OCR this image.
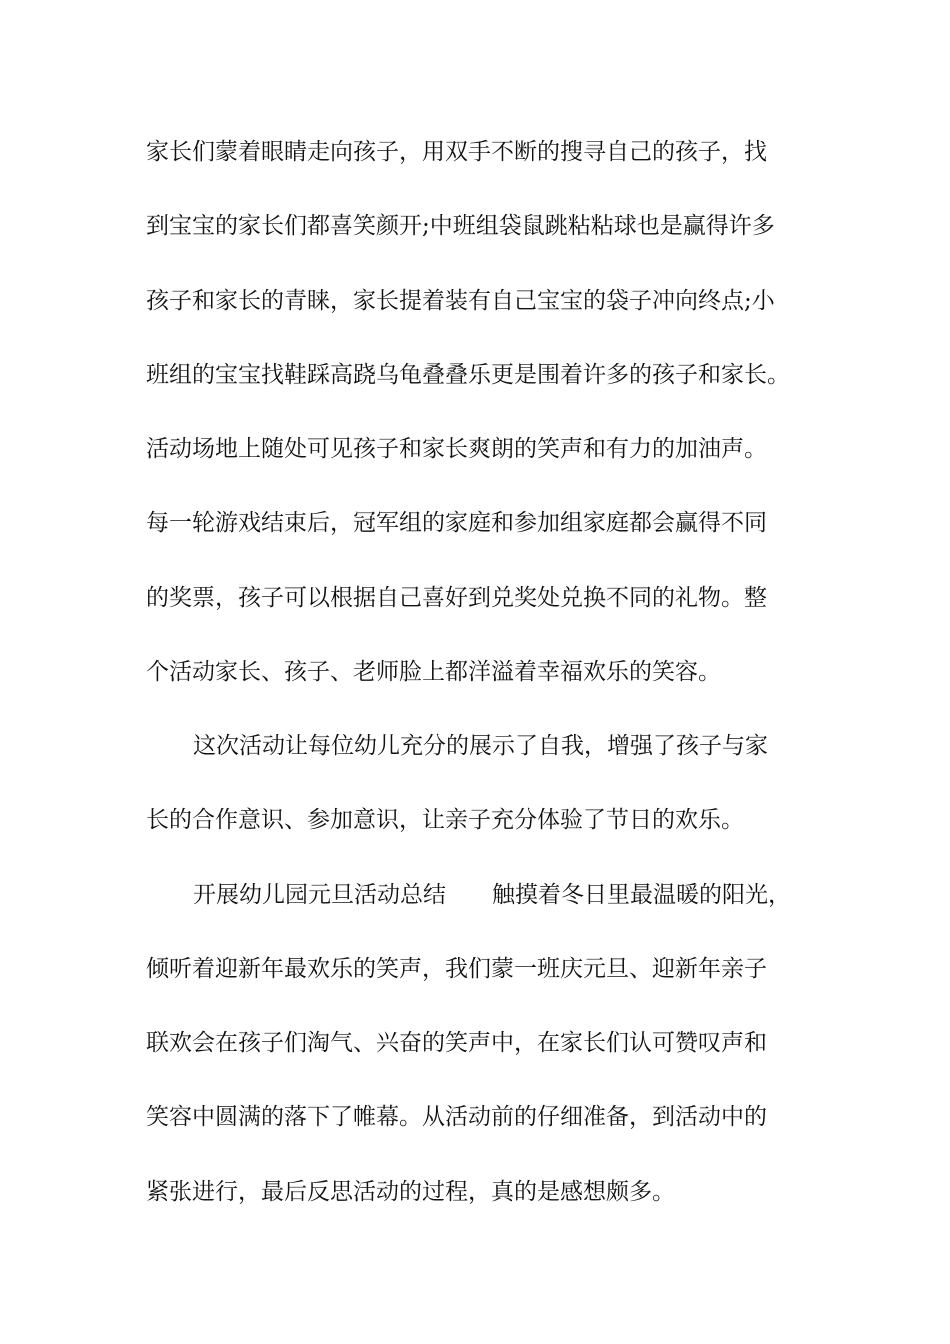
家长们蒙着眼睛走向孩子，用双手不断的搜寻自己的孩子，找
到宝宝的家长们都喜笑颜开;中班组袋鼠跳粘粘球也是赢得许多
孩子和家长的青睐，家长提着装有自己宝宝的袋子冲向终点;小
班组的宝宝找鞋踩高跷乌龟叠叠乐更是围着许多的孩子和家长。
活动场地上随处可见孩子和家长爽朗的笑声和有力的加油声。
每一轮游戏结束后，冠军组的家庭和参加组家庭都会赢得不同
的奖票，孩子可以根据自己喜好到兑奖处兑换不同的礼物。整
个活动家长、孩子、老师脸上都洋溢着幸福欢乐的笑容。
这次活动让每位幼儿充分的展示了自我，增强了孩子与家
长的合作意识、参加意识，让亲子充分体验了节日的欢乐。
开展幼儿园元旦活动总结　　触摸着冬日里最温暖的阳光，
倾听着迎新年最欢乐的笑声，我们蒙一班庆元旦、迎新年亲子
联欢会在孩子们淘气、兴奋的笑声中，在家长们认可赞叹声和
笑容中圆满的落下了帷幕。从活动前的仔细准备，到活动中的
紧张进行，最后反思活动的过程，真的是感想颇多。
